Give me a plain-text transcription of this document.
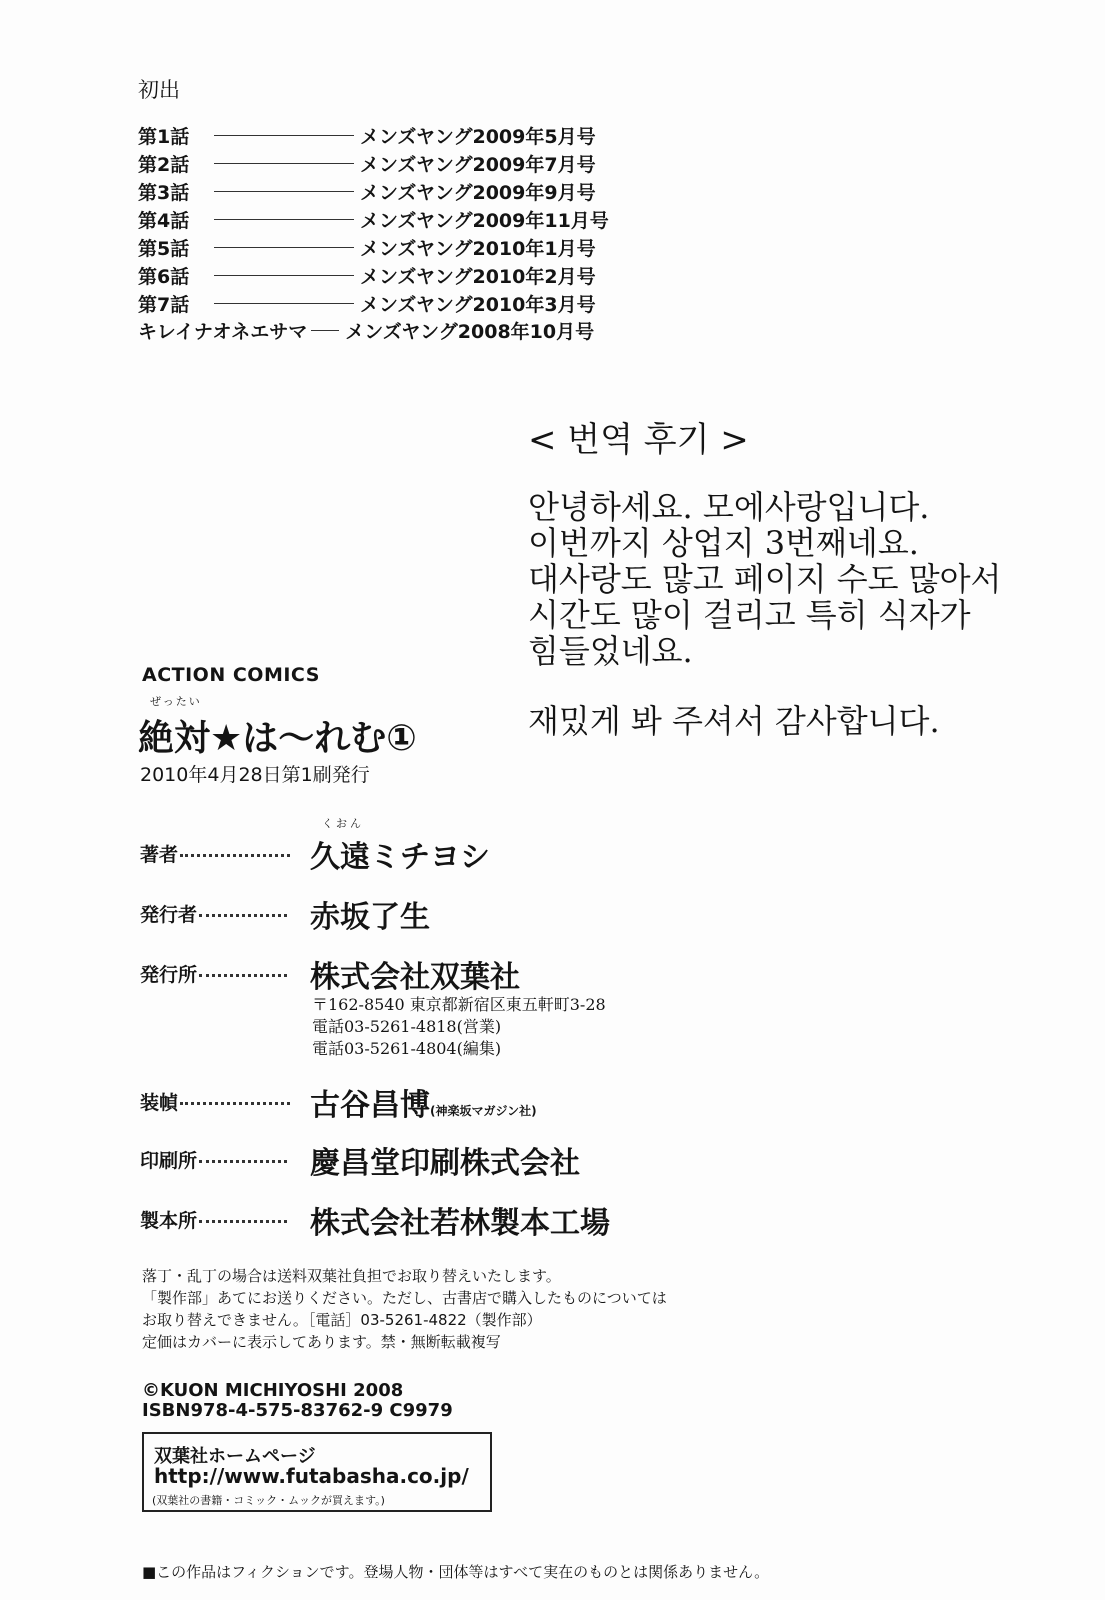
初出
第1話	メンズヤング2009年5月号
第2話	メンズヤング2009年7月号
第3話	メンズヤング2009年9月号
第4話	メンズヤング2009年11月号
第5話	メンズヤング2010年1月号
第6話	メンズヤング2010年2月号
第7話	メンズヤング2010年3月号
キレイナオネエサマ メンズヤング2008年10月号
< 번역 후기 >
안녕하세요. 모에사랑입니다.
이번까지 상업지 3번째네요.
대사랑도 많고 페이지 수도 많아서
시간도 많이 걸리고 특히 식자가
힘들었네요.
재밌게 봐 주셔서 감사합니다.
ACTION COMICS
ぜったい
絶対★は～れむ①
2010年4月28日第1刷発行
くおん
著者	久遠ミチヨシ
発行者	赤坂了生
発行所	株式会社双葉社
〒162-8540 東京都新宿区東五軒町3-28
電話03-5261-4818(営業)
電話03-5261-4804(編集)
装幀	古谷昌博(神楽坂マガジン社)
印刷所	慶昌堂印刷株式会社
製本所	株式会社若林製本工場
落丁・乱丁の場合は送料双葉社負担でお取り替えいたします。
「製作部」あてにお送りください。ただし、古書店で購入したものについては
お取り替えできません。［電話］03-5261-4822（製作部）
定価はカバーに表示してあります。禁・無断転載複写
©KUON MICHIYOSHI 2008
ISBN978-4-575-83762-9 C9979
双葉社ホームページ
http://www.futabasha.co.jp/
(双葉社の書籍・コミック・ムックが買えます。)
■この作品はフィクションです。登場人物・団体等はすべて実在のものとは関係ありません。
